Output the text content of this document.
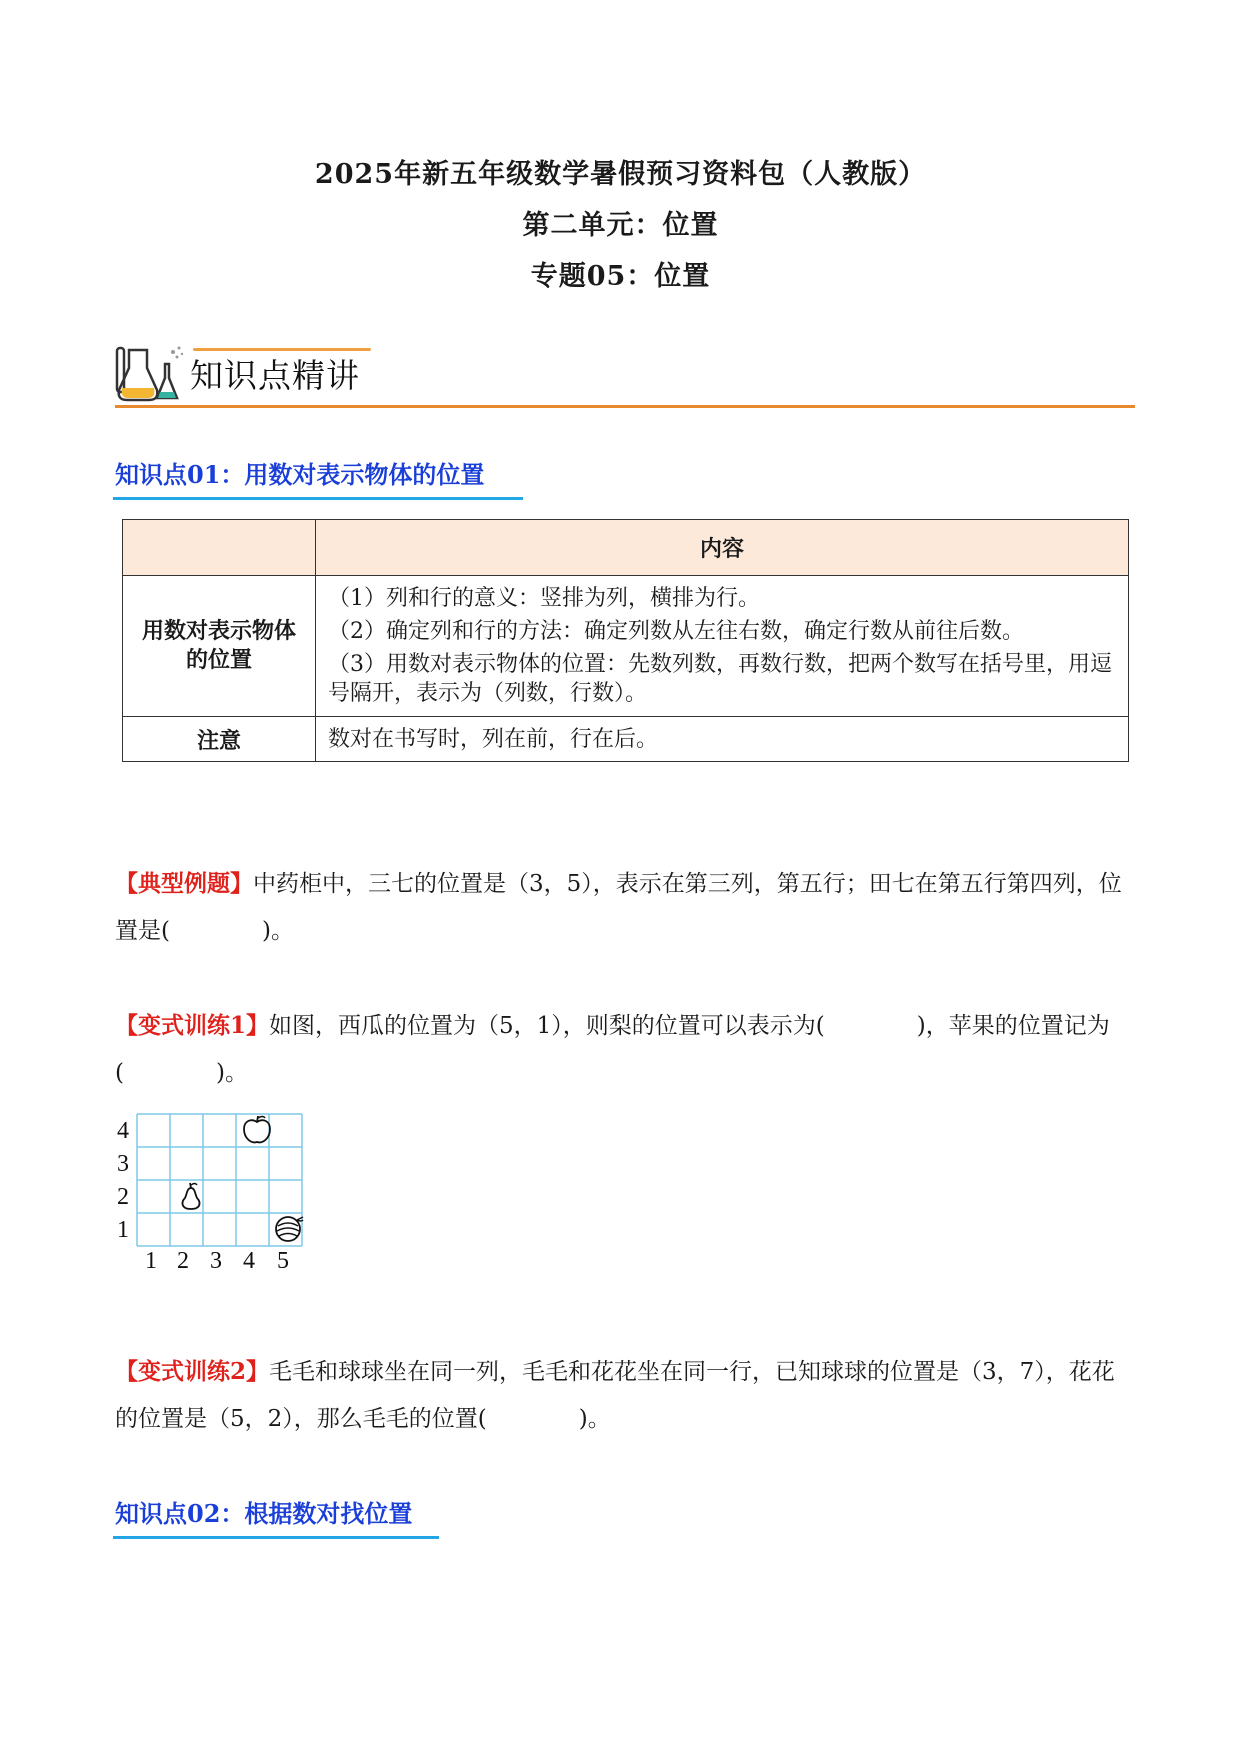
2025年新五年级数学暑假预习资料包（人教版）
第二单元：位置
专题05：位置
知识点精讲
知识点01：用数对表示物体的位置
	内容
用数对表示物体的位置	（1）列和行的意义：竖排为列，横排为行。

（2）确定列和行的方法：确定列数从左往右数，确定行数从前往后数。

（3）用数对表示物体的位置：先数列数，再数行数，把两个数写在括号里，用逗号隔开，表示为（列数，行数）。

注意	数对在书写时，列在前，行在后。
【典型例题】中药柜中，三七的位置是（3，5），表示在第三列，第五行；田七在第五行第四列，位置是(　　　　)。
【变式训练1】如图，西瓜的位置为（5，1），则梨的位置可以表示为(　　　　)，苹果的位置记为(　　　　)。
4
3
2
1
1 2 3 4 5
【变式训练2】毛毛和球球坐在同一列，毛毛和花花坐在同一行，已知球球的位置是（3，7），花花的位置是（5，2），那么毛毛的位置(　　　　)。
知识点02：根据数对找位置
